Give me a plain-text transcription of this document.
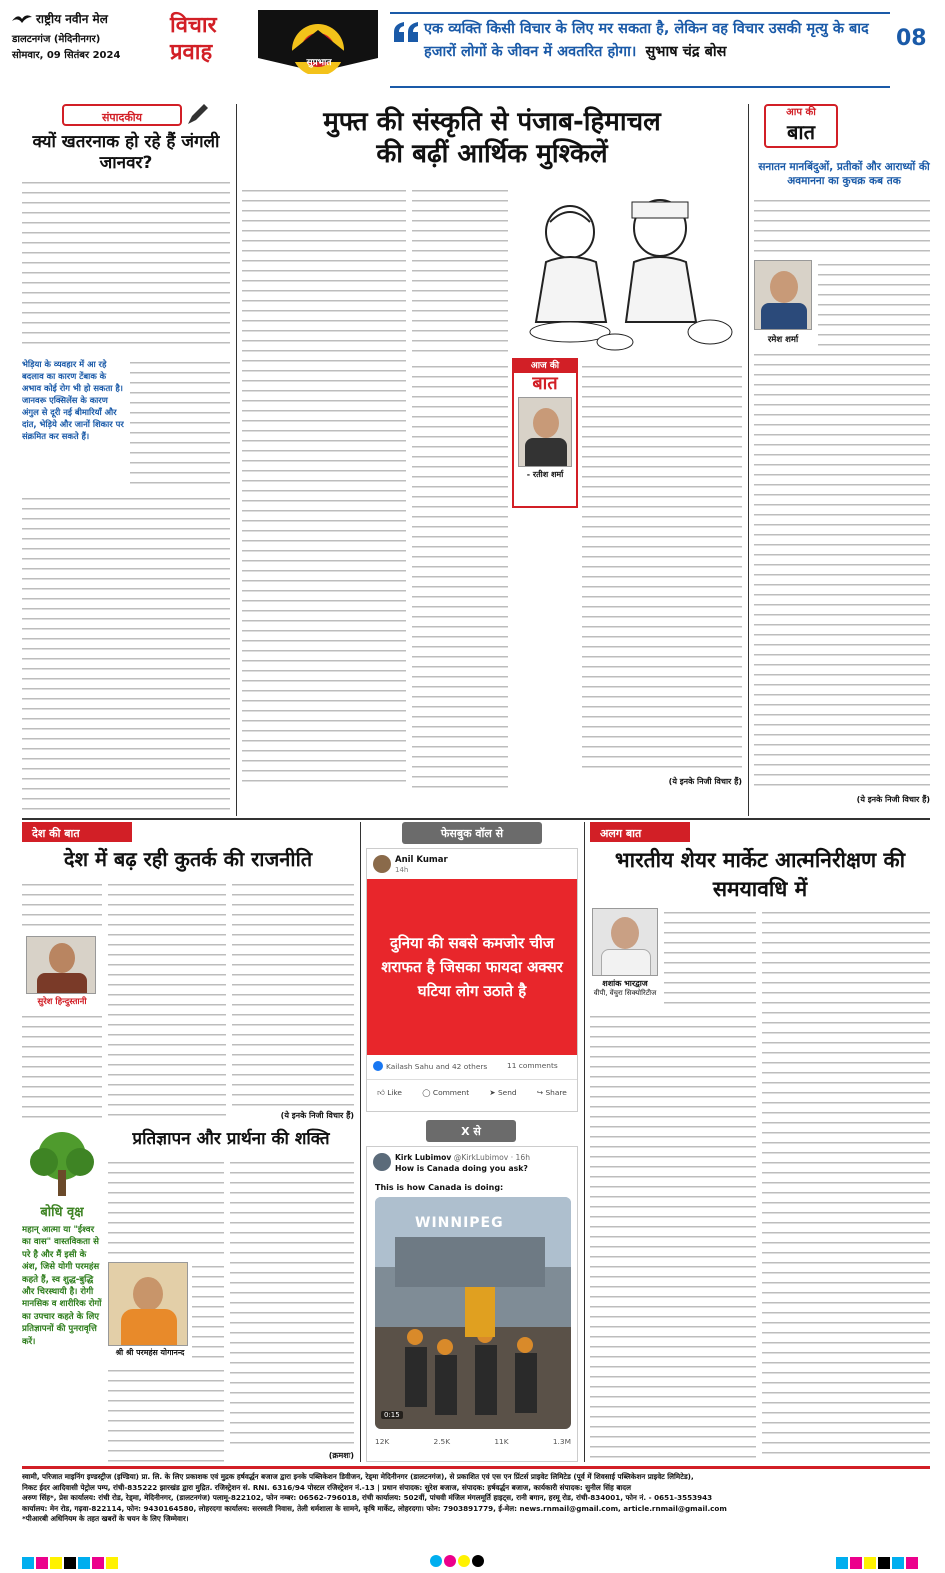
राष्ट्रीय नवीन मेल
डालटनगंज (मेदिनीनगर)
सोमवार, 09 सितंबर 2024
विचार
प्रवाह	सुप्रभात
एक व्यक्ति किसी विचार के लिए मर सकता है, लेकिन वह विचार उसकी मृत्यु के बाद हजारों लोगों के जीवन में अवतरित होगा। सुभाष चंद्र बोस
08
संपादकीय
क्यों खतरनाक हो रहे हैं जंगली जानवर?
भेड़िया के व्यवहार में आ रहे बदलाव का कारण टेंबाक के अभाव कोई रोग भी हो सकता है। जानवरू एक्सिलेंस के कारण अंगुल से दूरी नई बीमारियाँ और दांत, भेड़िये और जानों शिकार पर संक्रमित कर सकते हैं।
मुफ्त की संस्कृति से पंजाब-हिमाचल
की बढ़ीं आर्थिक मुश्किलें
आज की
बात
- रतीश शर्मा
(ये इनके निजी विचार हैं)
आप की
बात
सनातन मानबिंदुओं, प्रतीकों और आराध्यों की अवमानना का कुचक्र कब तक
रमेश शर्मा
(ये इनके निजी विचार हैं)
देश की बात
देश में बढ़ रही कुतर्क की राजनीति
सुरेश हिन्दुस्तानी
(ये इनके निजी विचार हैं)
बोधि वृक्ष
महान् आत्मा या "ईश्वर का वास" वास्तविकता से परे है और मैं इसी के अंश, जिसे योगी परमहंस कहते हैं, स्व शुद्ध-बुद्धि और चिरस्थायी है। रोगी मानसिक व शारीरिक रोगों का उपचार कहते के लिए प्रतिज्ञापनों की पुनरावृत्ति करें।
प्रतिज्ञापन और प्रार्थना की शक्ति
श्री श्री परमहंस योगानन्द
(क्रमशः)
फेसबुक वॉल से
Anil Kumar
14h
दुनिया की सबसे कमजोर चीज शराफत है जिसका फायदा अक्सर घटिया लोग उठाते है
Kailash Sahu and 42 others	11 comments
👍︎ Like	◯ Comment	➤ Send	↪ Share
X से
Kirk Lubimov @KirkLubimov · 16h
How is Canada doing you ask?
This is how Canada is doing:
WINNIPEG
0:15
12K	2.5K	11K	1.3M
अलग बात
भारतीय शेयर मार्केट आत्मनिरीक्षण की समयावधि में
शशांक भारद्वाज
वीपी, वेंचुरा सिक्योरिटीज
स्वामी, परिजात माइनिंग इण्डस्ट्रीज (इण्डिया) प्रा. लि. के लिए प्रकाशक एवं मुद्रक हर्षवर्द्धन बजाज द्वारा इनके पब्लिकेशन डिवीजन, रेड्मा मेदिनीनगर (डालटनगंज), से प्रकाशित एवं एस एन प्रिंटर्स प्राइवेट लिमिटेड (पूर्व में शिवसाई पब्लिकेशन प्राइवेट लिमिटेड),
निकट ईदर आदिवासी पेट्रोल पम्प, रांची-835222 झारखंड द्वारा मुद्रित. रजिस्ट्रेशन सं. RNI. 6316/94 पोस्टल रजिस्ट्रेशन नं.-13 | प्रधान संपादक: सुरेश बजाज, संपादक: हर्षवर्द्धन बजाज, कार्यकारी संपादक: सुनील सिंह बादल
अरुण सिंह*, प्रेस कार्यालय: रांची रोड, रेड्मा, मेदिनीनगर, (डालटनगंज) पलामू-822102, फोन नम्बर: 06562-796018, रांची कार्यालय: 502वीं, पांचवी मंजिल मंगलमूर्ति हाइट्स, रानी बगान, हरमू रोड, रांची-834001, फोन नं. - 0651-3553943
कार्यालय: मेन रोड, गढ़वा-822114, फोन: 9430164580, लोहरदगा कार्यालय: सरस्वती निवास, तेली धर्मशाला के सामने, कृषि मार्केट, लोहरदगा। फोन: 7903891779, ई-मेल: news.rnmail@gmail.com, article.rnmail@gmail.com
*पीआरबी अधिनियम के तहत खबरों के चयन के लिए जिम्मेवार।
